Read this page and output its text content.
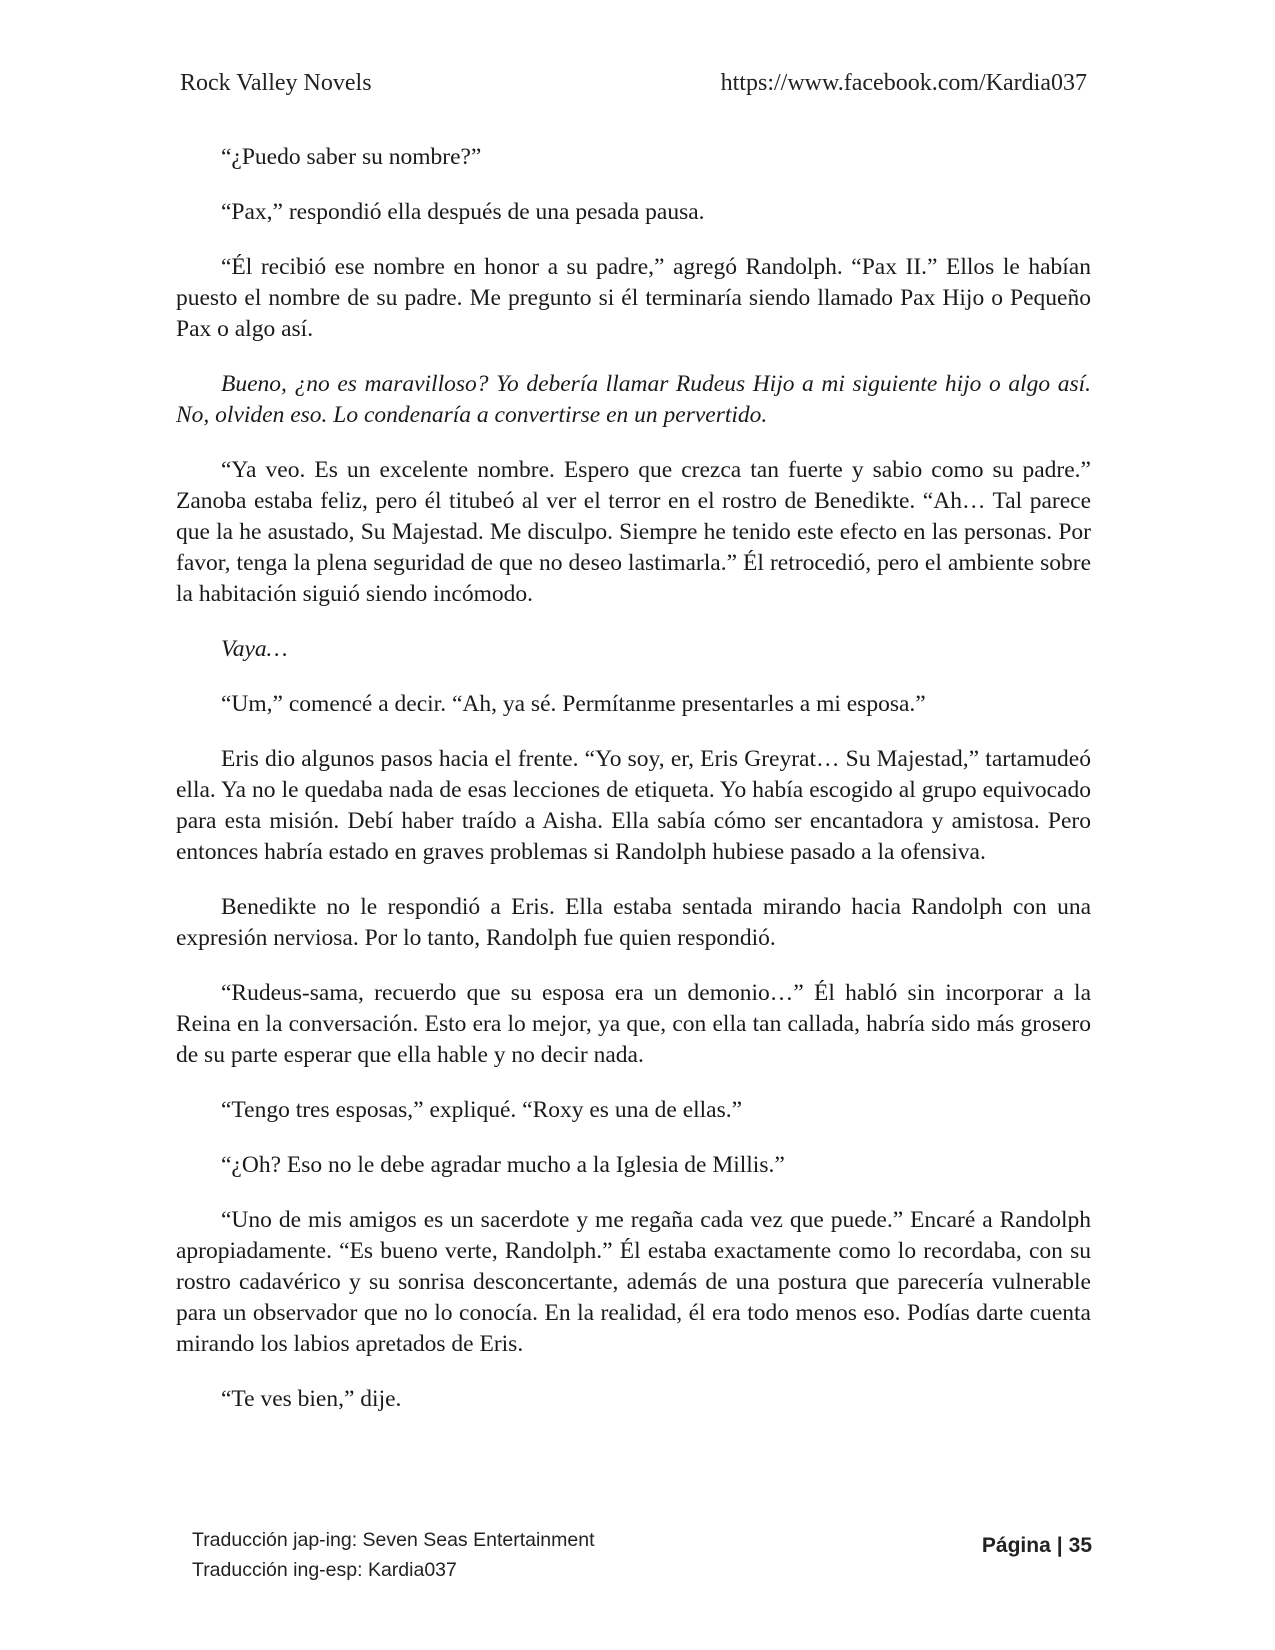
Rock Valley Novels	https://www.facebook.com/Kardia037

“¿Puedo saber su nombre?”

“Pax,” respondió ella después de una pesada pausa.

“Él recibió ese nombre en honor a su padre,” agregó Randolph. “Pax II.” Ellos le habían puesto el nombre de su padre. Me pregunto si él terminaría siendo llamado Pax Hijo o Pequeño Pax o algo así.

Bueno, ¿no es maravilloso? Yo debería llamar Rudeus Hijo a mi siguiente hijo o algo así. No, olviden eso. Lo condenaría a convertirse en un pervertido.

“Ya veo. Es un excelente nombre. Espero que crezca tan fuerte y sabio como su padre.” Zanoba estaba feliz, pero él titubeó al ver el terror en el rostro de Benedikte. “Ah… Tal parece que la he asustado, Su Majestad. Me disculpo. Siempre he tenido este efecto en las personas. Por favor, tenga la plena seguridad de que no deseo lastimarla.” Él retrocedió, pero el ambiente sobre la habitación siguió siendo incómodo.

Vaya…

“Um,” comencé a decir. “Ah, ya sé. Permítanme presentarles a mi esposa.”

Eris dio algunos pasos hacia el frente. “Yo soy, er, Eris Greyrat… Su Majestad,” tartamudeó ella. Ya no le quedaba nada de esas lecciones de etiqueta. Yo había escogido al grupo equivocado para esta misión. Debí haber traído a Aisha. Ella sabía cómo ser encantadora y amistosa. Pero entonces habría estado en graves problemas si Randolph hubiese pasado a la ofensiva.

Benedikte no le respondió a Eris. Ella estaba sentada mirando hacia Randolph con una expresión nerviosa. Por lo tanto, Randolph fue quien respondió.

“Rudeus-sama, recuerdo que su esposa era un demonio…” Él habló sin incorporar a la Reina en la conversación. Esto era lo mejor, ya que, con ella tan callada, habría sido más grosero de su parte esperar que ella hable y no decir nada.

“Tengo tres esposas,” expliqué. “Roxy es una de ellas.”

“¿Oh? Eso no le debe agradar mucho a la Iglesia de Millis.”

“Uno de mis amigos es un sacerdote y me regaña cada vez que puede.” Encaré a Randolph apropiadamente. “Es bueno verte, Randolph.” Él estaba exactamente como lo recordaba, con su rostro cadavérico y su sonrisa desconcertante, además de una postura que parecería vulnerable para un observador que no lo conocía. En la realidad, él era todo menos eso. Podías darte cuenta mirando los labios apretados de Eris.

“Te ves bien,” dije.

Traducción jap-ing: Seven Seas Entertainment
Traducción ing-esp: Kardia037
Página | 35
